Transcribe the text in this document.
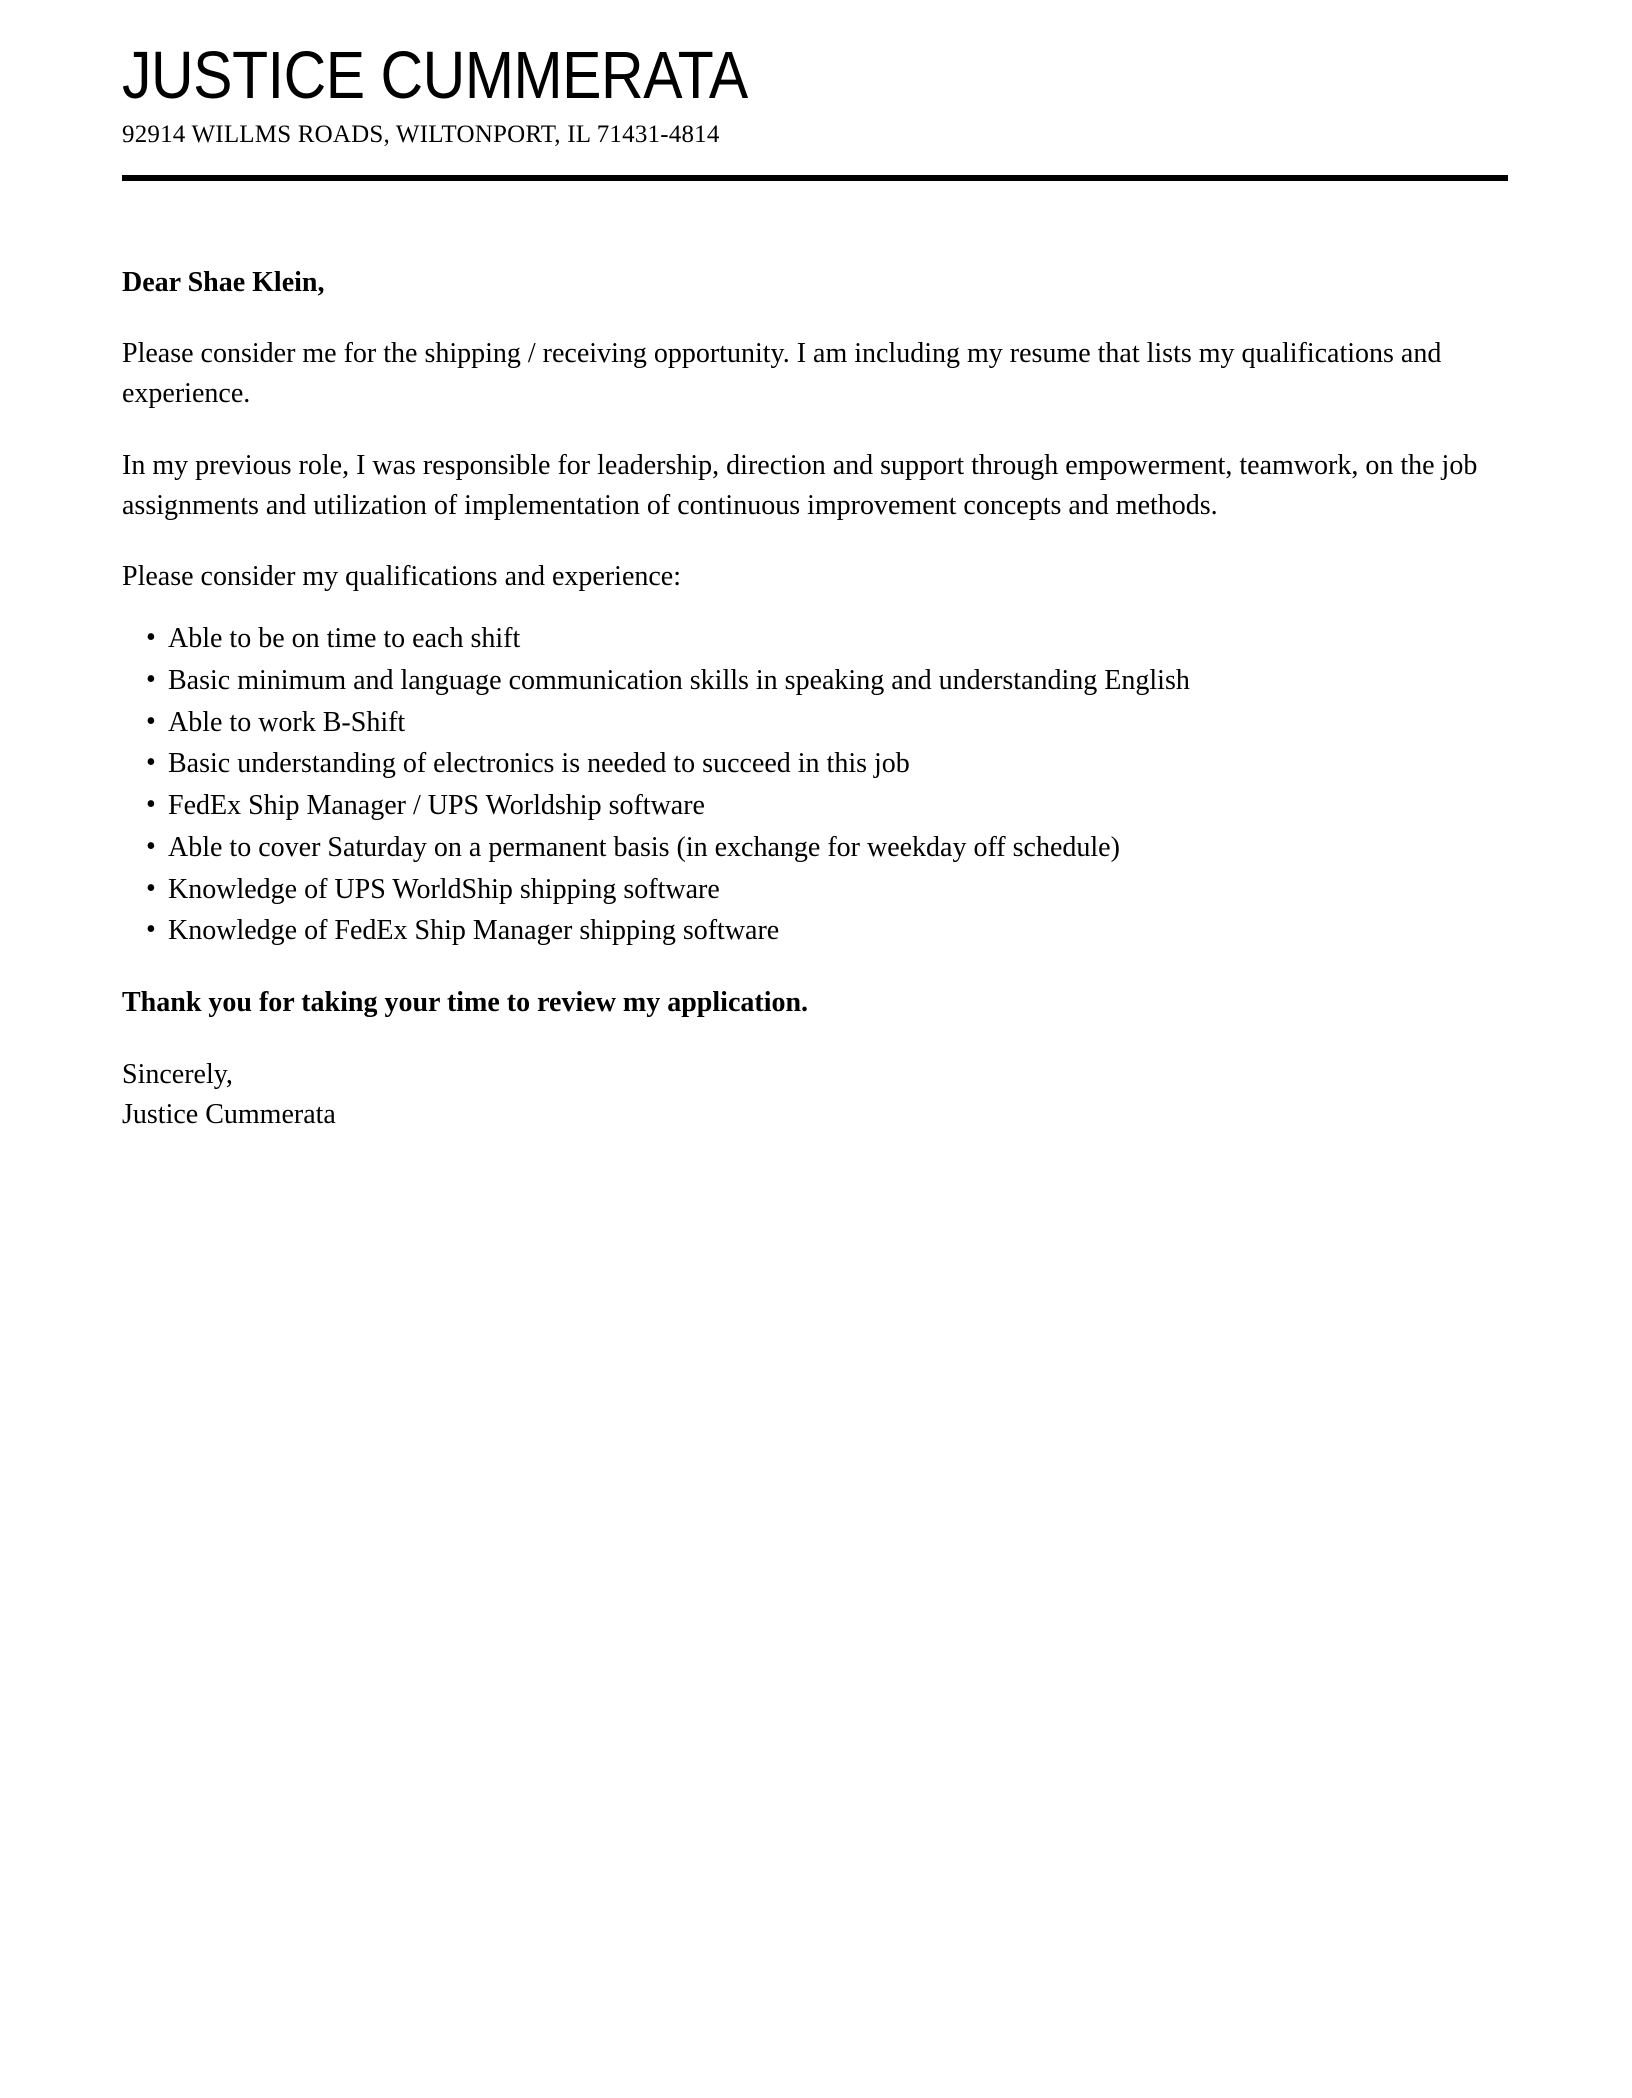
JUSTICE CUMMERATA
92914 WILLMS ROADS, WILTONPORT, IL 71431-4814

Dear Shae Klein,

Please consider me for the shipping / receiving opportunity. I am including my resume that lists my qualifications and experience.

In my previous role, I was responsible for leadership, direction and support through empowerment, teamwork, on the job assignments and utilization of implementation of continuous improvement concepts and methods.

Please consider my qualifications and experience:

• Able to be on time to each shift
• Basic minimum and language communication skills in speaking and understanding English
• Able to work B-Shift
• Basic understanding of electronics is needed to succeed in this job
• FedEx Ship Manager / UPS Worldship software
• Able to cover Saturday on a permanent basis (in exchange for weekday off schedule)
• Knowledge of UPS WorldShip shipping software
• Knowledge of FedEx Ship Manager shipping software

Thank you for taking your time to review my application.

Sincerely,
Justice Cummerata
